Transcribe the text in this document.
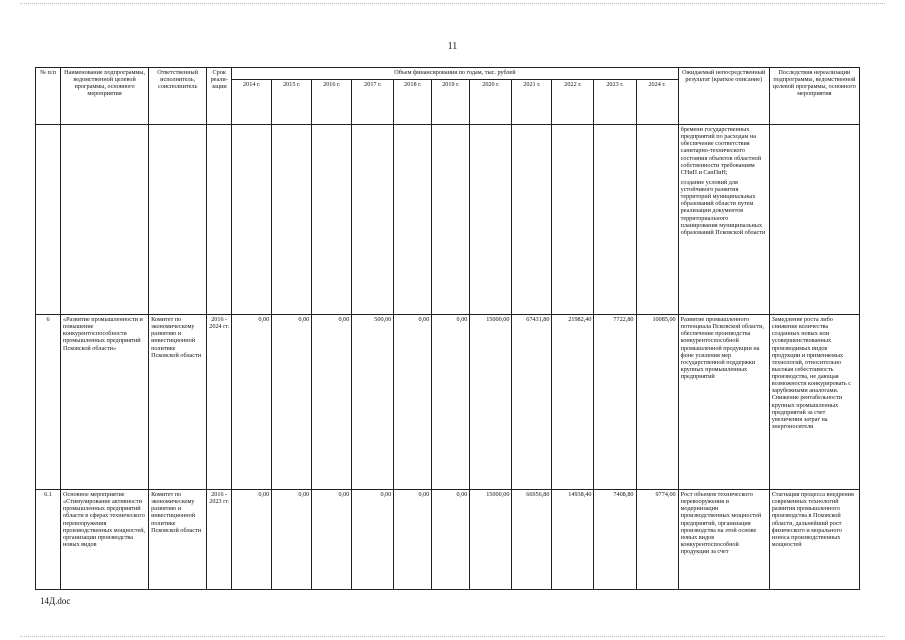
11
№ п/п	Наименование подпрограммы, ведомственной целевой программы, основного мероприятия	Ответственный исполнитель, соисполнитель	Срок реали-зации	Объем финансирования по годам, тыс. рублей											Ожидаемый непосредственный результат (краткое описание)	Последствия нереализации подпрограммы, ведомственной целевой программы, основного мероприятия
				2014 г.	2015 г.	2016 г.	2017 г.	2018 г.	2019 г.	2020 г.	2021 г.	2022 г.	2023 г.	2024 г.		

															бремени государственных предприятий по расходам на обеспечение соответствия санитарно-технического состояния объектов областной собственности требованиям СНиП и СанПиН;

создание условий для устойчивого развития территорий муниципальных образований области путем реализации документов территориального планирования муниципальных образований Псковской области	

6	«Развитие промышленности и повышение конкурентоспособности промышленных предприятий Псковской области»	Комитет по экономическому развитию и инвестиционной политике Псковской области	2016 - 2024 гг.	0,00	0,00	0,00	500,00	0,00	0,00	15000,00	67431,80	21982,40	7722,80	10085,00	Развитие промышленного потенциала Псковской области, обеспечение производства конкурентоспособной промышленной продукции на фоне усиления мер государственной поддержки крупных промышленных предприятий	Замедление роста либо снижение количества созданных новых или усовершенствованных производимых видов продукции и применяемых технологий, относительно высокая себестоимость производства, не дающая возможности конкурировать с зарубежными аналогами. Снижение рентабельности крупных промышленных предприятий за счет увеличения затрат на энергоносители
6.1	Основное мероприятие «Стимулирование активности промышленных предприятий области в сферах технического перевооружения производственных мощностей, организации производства новых видов	Комитет по экономическому развитию и инвестиционной политике Псковской области	2016 - 2023 гг.	0,00	0,00	0,00	0,00	0,00	0,00	15000,00	66956,80	14938,40	7408,80	9774,00	Рост объемов технического перевооружения и модернизации производственных мощностей предприятий, организация производства на этой основе новых видов конкурентоспособной продукции за счет	Стагнация процесса внедрения современных технологий развития промышленного производства в Псковской области, дальнейший рост физического и морального износа производственных мощностей
14Д.doc
